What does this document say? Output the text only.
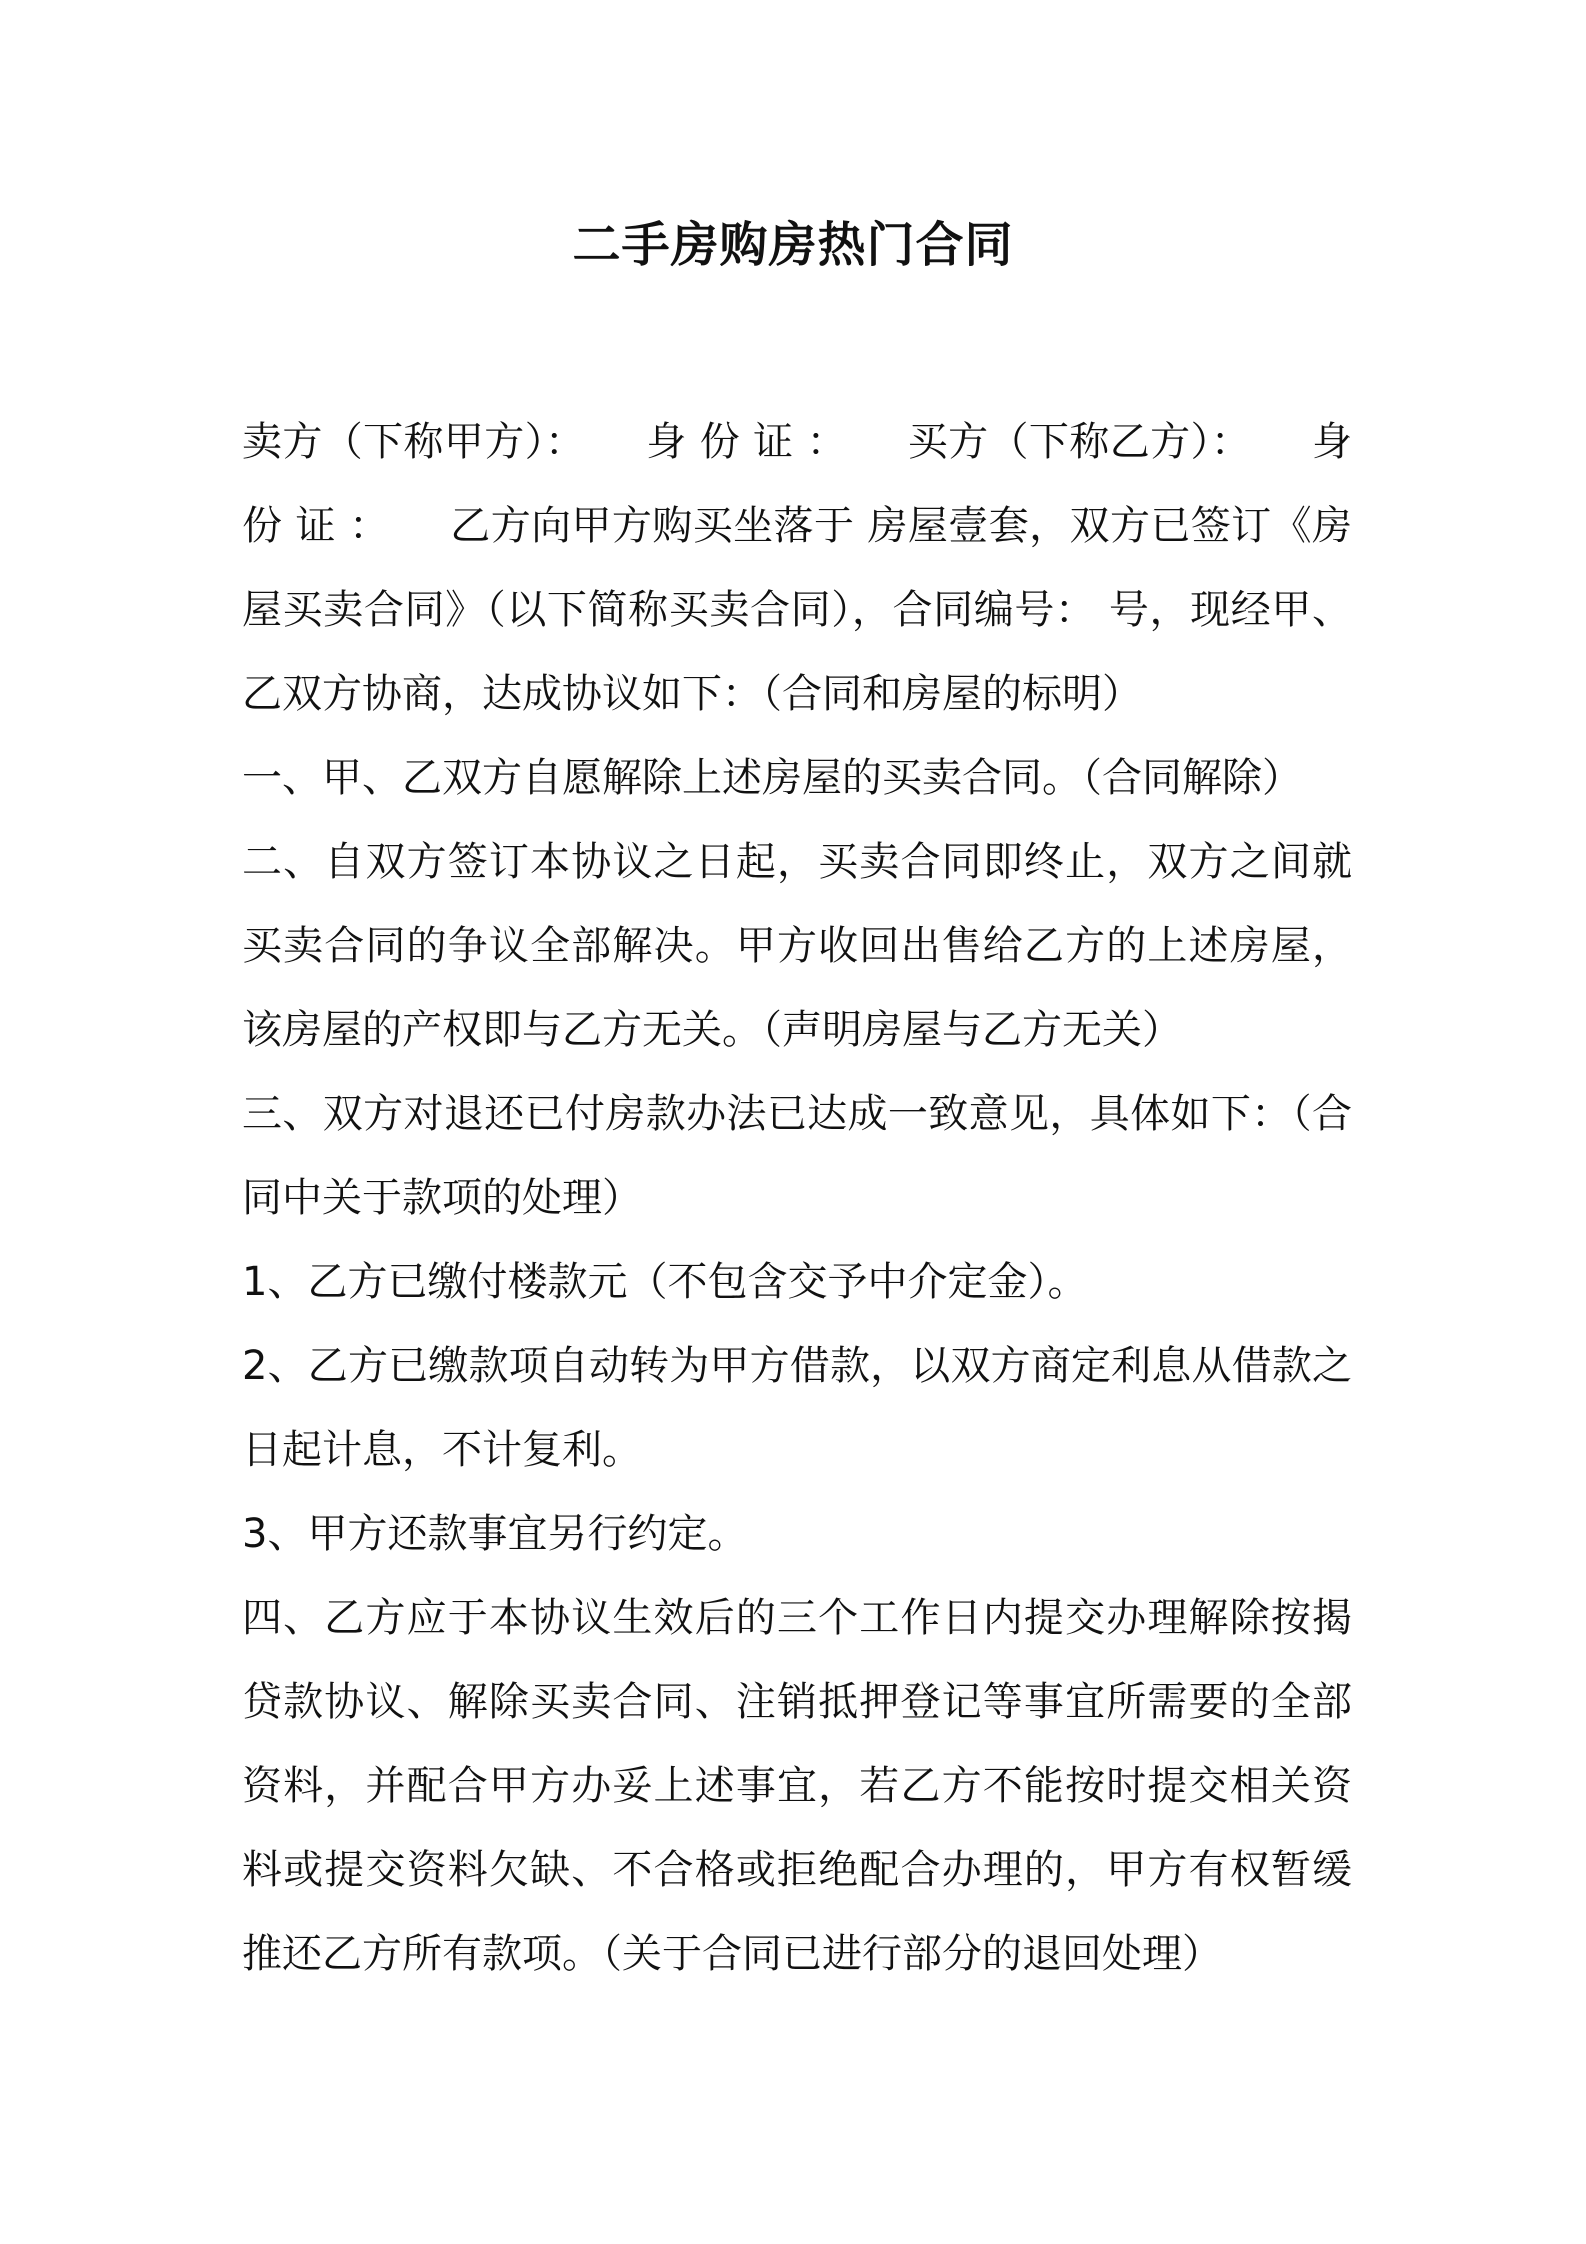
二手房购房热门合同

卖方（下称甲方）：　　身 份 证 ：　　买方（下称乙方）：　　身 份 证 ：　　乙方向甲方购买坐落于 房屋壹套，双方已签订《房屋买卖合同》（以下简称买卖合同），合同编号： 号，现经甲、乙双方协商，达成协议如下：（合同和房屋的标明）

一、甲、乙双方自愿解除上述房屋的买卖合同。（合同解除）

二、自双方签订本协议之日起，买卖合同即终止，双方之间就买卖合同的争议全部解决。甲方收回出售给乙方的上述房屋，该房屋的产权即与乙方无关。（声明房屋与乙方无关）

三、双方对退还已付房款办法已达成一致意见，具体如下：（合同中关于款项的处理）

1、乙方已缴付楼款元（不包含交予中介定金）。

2、乙方已缴款项自动转为甲方借款，以双方商定利息从借款之日起计息，不计复利。

3、甲方还款事宜另行约定。

四、乙方应于本协议生效后的三个工作日内提交办理解除按揭贷款协议、解除买卖合同、注销抵押登记等事宜所需要的全部资料，并配合甲方办妥上述事宜，若乙方不能按时提交相关资料或提交资料欠缺、不合格或拒绝配合办理的，甲方有权暂缓推还乙方所有款项。（关于合同已进行部分的退回处理）
